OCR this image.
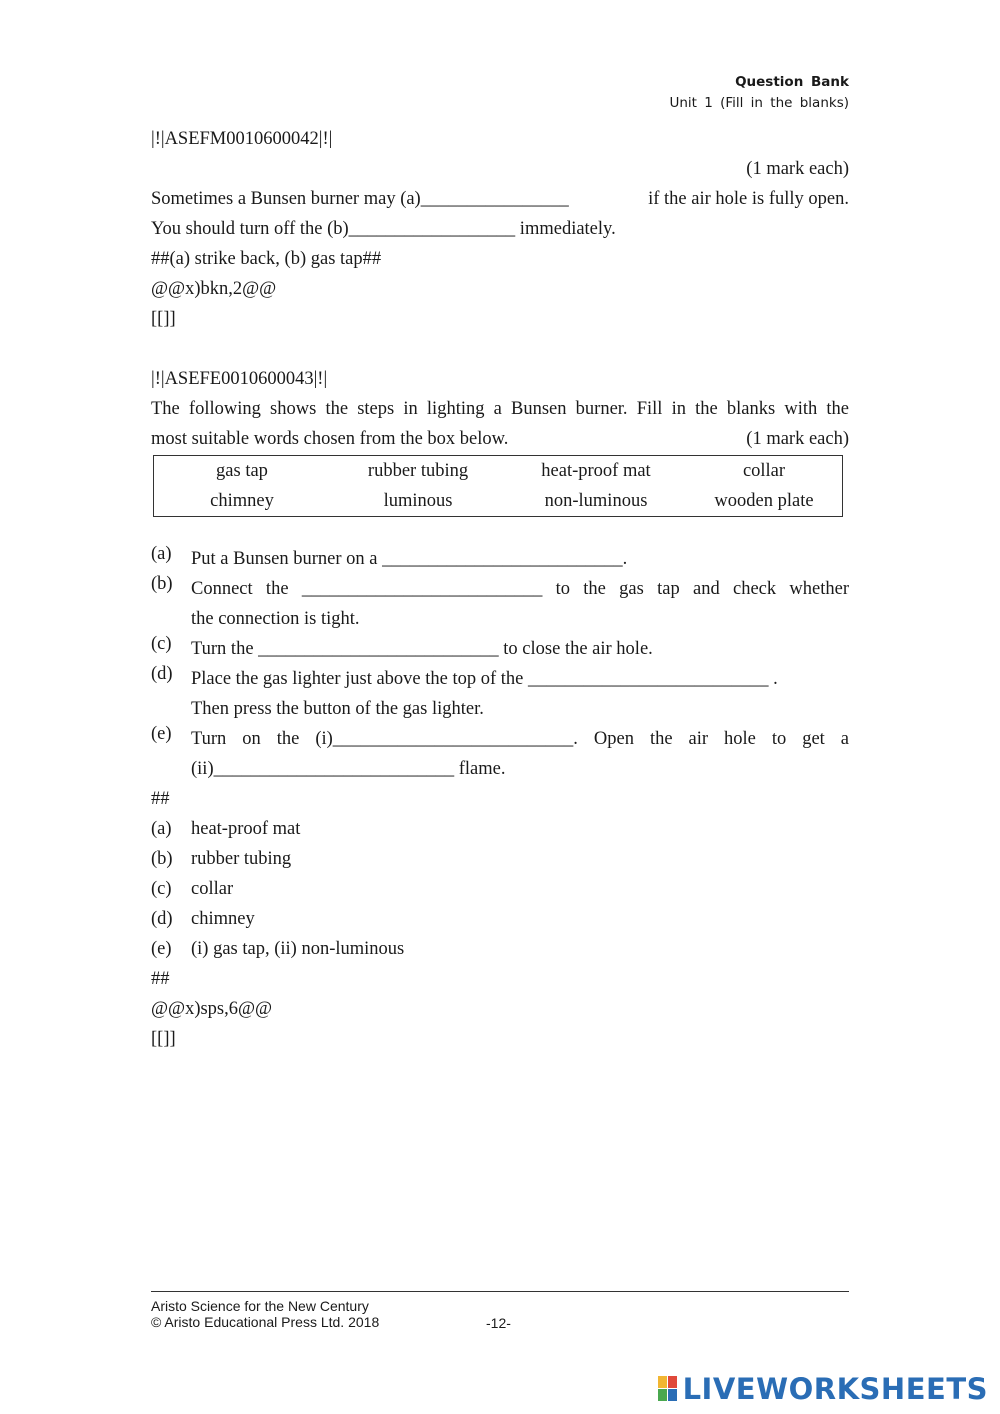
Question Bank
Unit 1 (Fill in the blanks)
|!|ASEFM0010600042|!|
(1 mark each)
Sometimes a Bunsen burner may (a)________________	if the air hole is fully open.
You should turn off the (b)__________________ immediately.
##(a) strike back, (b) gas tap##
@@x)bkn,2@@
[[]]
|!|ASEFE0010600043|!|
The following shows the steps in lighting a Bunsen burner. Fill in the blanks with the
most suitable words chosen from the box below.	(1 mark each)
gas tap	rubber tubing	heat-proof mat	collar
chimney	luminous	non-luminous	wooden plate
(a)	Put a Bunsen burner on a __________________________.
(b) Connect the __________________________ to the gas tap and check whether
the connection is tight.
(c)	Turn the __________________________ to close the air hole.
(d) Place the gas lighter just above the top of the __________________________ .
Then press the button of the gas lighter.
(e)	Turn on the (i)__________________________. Open the air hole to get a
(ii)__________________________ flame.
##
(a)	heat-proof mat
(b) rubber tubing
(c)	collar
(d) chimney
(e)	(i) gas tap, (ii) non-luminous
##
@@x)sps,6@@
[[]]
Aristo Science for the New Century
© Aristo Educational Press Ltd. 2018	-12-
LIVEWORKSHEETS
